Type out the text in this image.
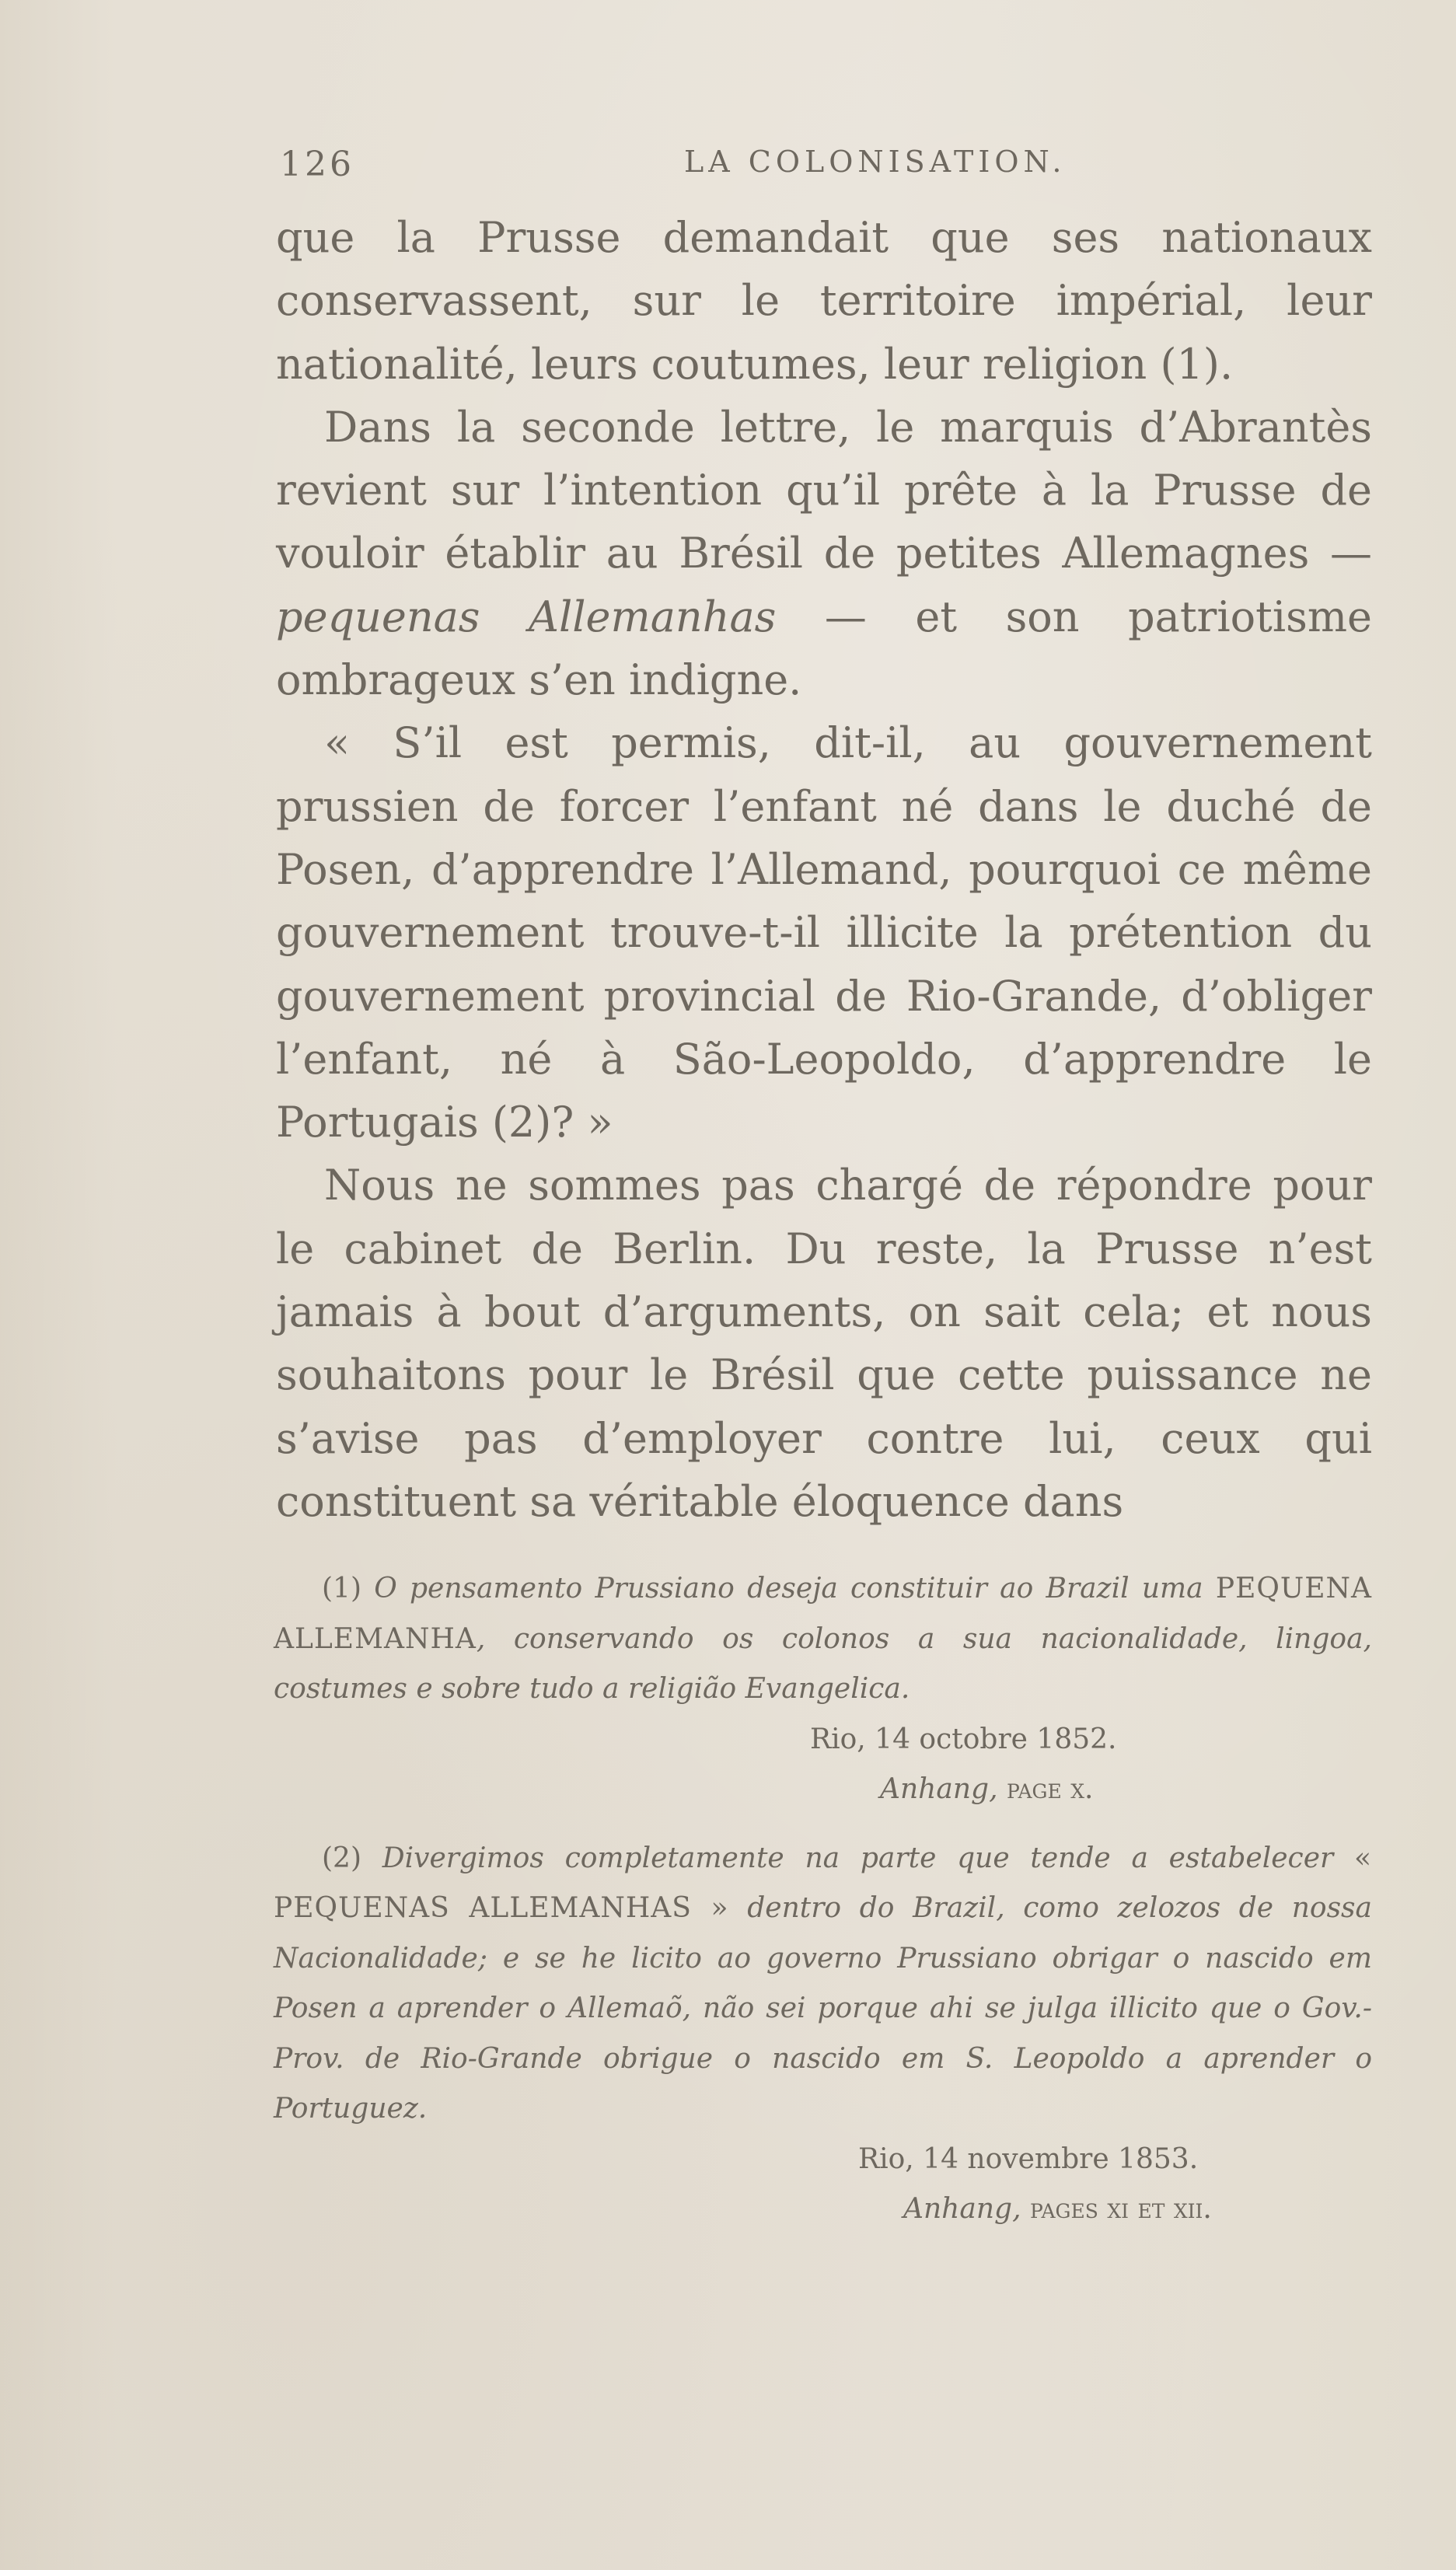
126	LA COLONISATION.

que la Prusse demandait que ses nationaux conservassent, sur le territoire impérial, leur nationalité, leurs coutumes, leur religion (1).

Dans la seconde lettre, le marquis d’Abrantès revient sur l’intention qu’il prête à la Prusse de vouloir établir au Brésil de petites Allemagnes — pequenas Allemanhas — et son patriotisme ombrageux s’en indigne.

« S’il est permis, dit-il, au gouvernement prussien de forcer l’enfant né dans le duché de Posen, d’apprendre l’Allemand, pourquoi ce même gouvernement trouve-t-il illicite la prétention du gouvernement provincial de Rio-Grande, d’obliger l’enfant, né à São-Leopoldo, d’apprendre le Portugais (2)? »

Nous ne sommes pas chargé de répondre pour le cabinet de Berlin. Du reste, la Prusse n’est jamais à bout d’arguments, on sait cela; et nous souhaitons pour le Brésil que cette puissance ne s’avise pas d’employer contre lui, ceux qui constituent sa véritable éloquence dans

(1) O pensamento Prussiano deseja constituir ao Brazil uma PEQUENA ALLEMANHA, conservando os colonos a sua nacionalidade, lingoa, costumes e sobre tudo a religião Evangelica.

Rio, 14 octobre 1852.

Anhang, page x.

(2) Divergimos completamente na parte que tende a estabelecer « PEQUENAS ALLEMANHAS » dentro do Brazil, como zelozos de nossa Nacionalidade; e se he licito ao governo Prussiano obrigar o nascido em Posen a aprender o Allemaõ, não sei porque ahi se julga illicito que o Gov.-Prov. de Rio-Grande obrigue o nascido em S. Leopoldo a aprender o Portuguez.

Rio, 14 novembre 1853.

Anhang, pages xi et xii.
